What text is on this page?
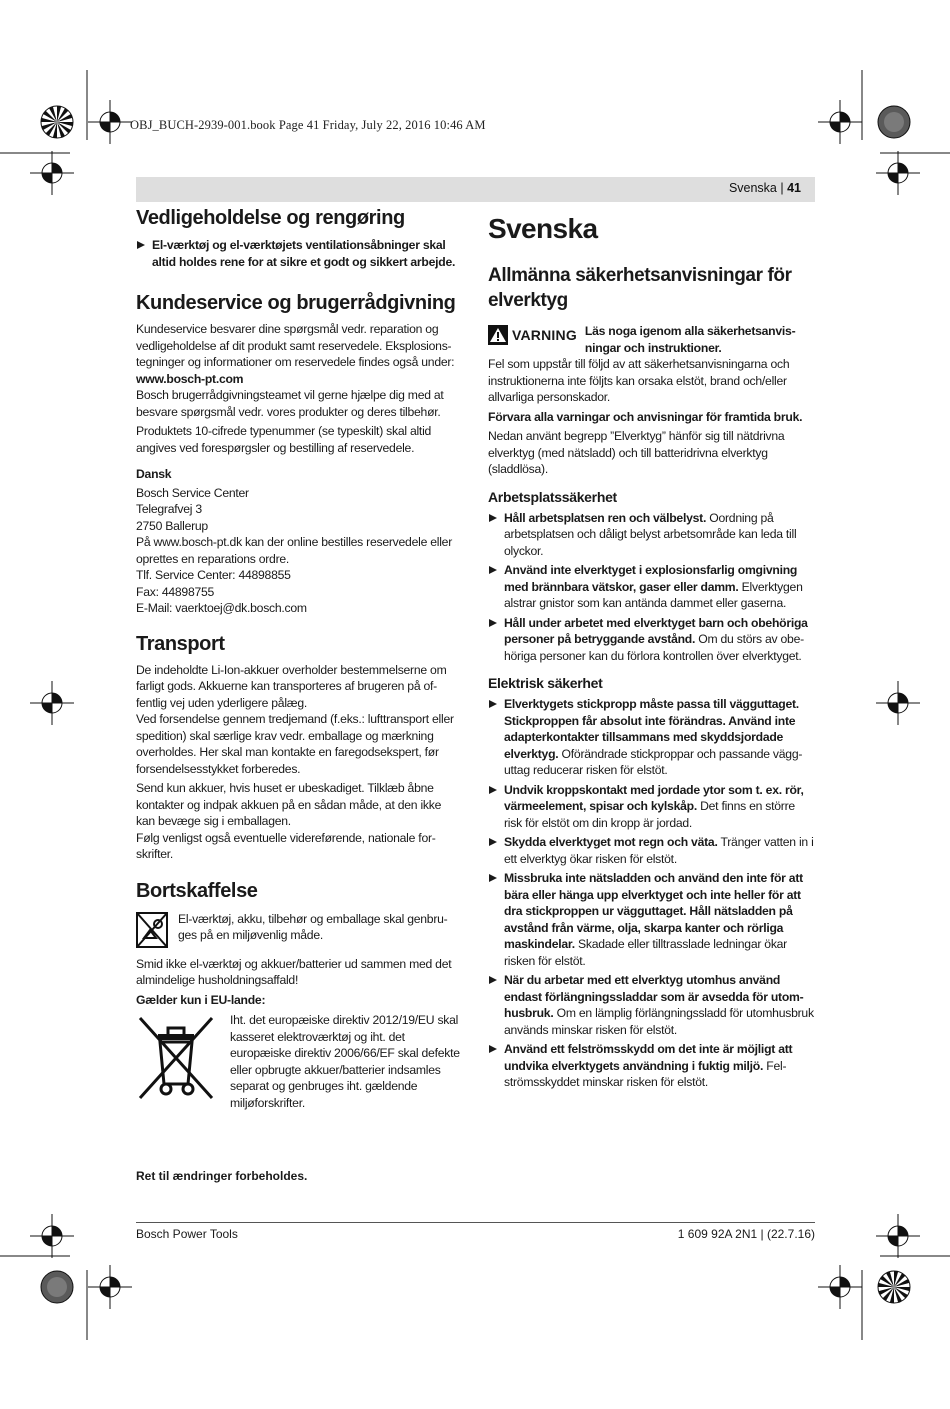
OBJ_BUCH-2939-001.book Page 41 Friday, July 22, 2016 10:46 AM
Svenska | 41
Vedligeholdelse og rengøring

El-værktøj og el-værktøjets ventilationsåbninger skal altid holdes rene for at sikre et godt og sikkert arbejde.

Kundeservice og brugerrådgivning

Kundeservice besvarer dine spørgsmål vedr. reparation og vedligeholdelse af dit produkt samt reservedele. Eksplosionstegninger og informationer om reservedele findes også under:

www.bosch-pt.com

Bosch brugerrådgivningsteamet vil gerne hjælpe dig med at besvare spørgsmål vedr. vores produkter og deres tilbehør.

Produktets 10-cifrede typenummer (se typeskilt) skal altid angives ved forespørgsler og bestilling af reservedele.

Dansk

Bosch Service Center

Telegrafvej 3

2750 Ballerup

På www.bosch-pt.dk kan der online bestilles reservedele eller oprettes en reparations ordre.

Tlf. Service Center: 44898855

Fax: 44898755

E-Mail: vaerktoej@dk.bosch.com

Transport

De indeholdte Li-Ion-akkuer overholder bestemmelserne om farligt gods. Akkuerne kan transporteres af brugeren på offentlig vej uden yderligere pålæg.

Ved forsendelse gennem tredjemand (f.eks.: lufttransport eller spedition) skal særlige krav vedr. emballage og mærkning overholdes. Her skal man kontakte en faregodsekspert, før forsendelsesstykket forberedes.

Send kun akkuer, hvis huset er ubeskadiget. Tilklæb åbne kontakter og indpak akkuen på en sådan måde, at den ikke kan bevæge sig i emballagen.

Følg venligst også eventuelle videreførende, nationale forskrifter.

Bortskaffelse

El-værktøj, akku, tilbehør og emballage skal genbruges på en miljøvenlig måde.

Smid ikke el-værktøj og akkuer/batterier ud sammen med det almindelige husholdningsaffald!

Gælder kun i EU-lande:

Iht. det europæiske direktiv 2012/19/EU skal kasseret elektroværktøj og iht. det europæiske direktiv 2006/66/EF skal defekte eller opbrugte akkuer/batterier indsamles separat og genbruges iht. gældende miljøforskrifter.

Svenska
Allmänna säkerhetsanvisningar för elverktyg
VARNING Läs noga igenom alla säkerhetsanvisningar och instruktioner.

Fel som uppstår till följd av att säkerhetsanvisningarna och instruktionerna inte följts kan orsaka elstöt, brand och/eller allvarliga personskador.

Förvara alla varningar och anvisningar för framtida bruk.

Nedan använt begrepp ”Elverktyg” hänför sig till nätdrivna elverktyg (med nätsladd) och till batteridrivna elverktyg (sladdlösa).

Arbetsplatssäkerhet

Håll arbetsplatsen ren och välbelyst. Oordning på arbetsplatsen och dåligt belyst arbetsområde kan leda till olyckor.

Använd inte elverktyget i explosionsfarlig omgivning med brännbara vätskor, gaser eller damm. Elverktygen alstrar gnistor som kan antända dammet eller gaserna.

Håll under arbetet med elverktyget barn och obehöriga personer på betryggande avstånd. Om du störs av obehöriga personer kan du förlora kontrollen över elverktyget.

Elektrisk säkerhet

Elverktygets stickpropp måste passa till vägguttaget. Stickproppen får absolut inte förändras. Använd inte adapterkontakter tillsammans med skyddsjordade elverktyg. Oförändrade stickproppar och passande vägguttag reducerar risken för elstöt.

Undvik kroppskontakt med jordade ytor som t. ex. rör, värmeelement, spisar och kylskåp. Det finns en större risk för elstöt om din kropp är jordad.

Skydda elverktyget mot regn och väta. Tränger vatten in i ett elverktyg ökar risken för elstöt.

Missbruka inte nätsladden och använd den inte för att bära eller hänga upp elverktyget och inte heller för att dra stickproppen ur vägguttaget. Håll nätsladden på avstånd från värme, olja, skarpa kanter och rörliga maskindelar. Skadade eller tilltrasslade ledningar ökar risken för elstöt.

När du arbetar med ett elverktyg utomhus använd endast förlängningssladdar som är avsedda för utomhusbruk. Om en lämplig förlängningssladd för utomhusbruk används minskar risken för elstöt.

Använd ett felströmsskydd om det inte är möjligt att undvika elverktygets användning i fuktig miljö. Felströmsskyddet minskar risken för elstöt.

Ret til ændringer forbeholdes.
Bosch Power Tools	1 609 92A 2N1 | (22.7.16)
